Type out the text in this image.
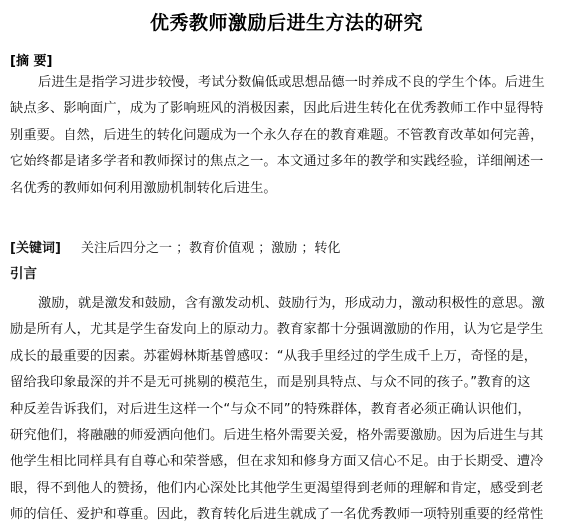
优秀教师激励后进生方法的研究
[摘 要]
后进生是指学习进步较慢，考试分数偏低或思想品德一时养成不良的学生个体。后进生
缺点多、影响面广，成为了影响班风的消极因素，因此后进生转化在优秀教师工作中显得特
别重要。自然，后进生的转化问题成为一个永久存在的教育难题。不管教育改革如何完善，
它始终都是诸多学者和教师探讨的焦点之一。本文通过多年的教学和实践经验，详细阐述一
名优秀的教师如何利用激励机制转化后进生。
[关键词] 关注后四分之一 ；教育价值观 ；激励 ；转化
引言
激励，就是激发和鼓励，含有激发动机、鼓励行为，形成动力，激动积极性的意思。激
励是所有人，尤其是学生奋发向上的原动力。教育家都十分强调激励的作用，认为它是学生
成长的最重要的因素。苏霍姆林斯基曾感叹：“从我手里经过的学生成千上万，奇怪的是，
留给我印象最深的并不是无可挑剔的模范生，而是别具特点、与众不同的孩子。”教育的这
种反差告诉我们，对后进生这样一个“与众不同”的特殊群体，教育者必须正确认识他们，
研究他们，将融融的师爱洒向他们。后进生格外需要关爱，格外需要激励。因为后进生与其
他学生相比同样具有自尊心和荣誉感，但在求知和修身方面又信心不足。由于长期受、遭冷
眼，得不到他人的赞扬，他们内心深处比其他学生更渴望得到老师的理解和肯定，感受到老
师的信任、爱护和尊重。因此，教育转化后进生就成了一名优秀教师一项特别重要的经常性
